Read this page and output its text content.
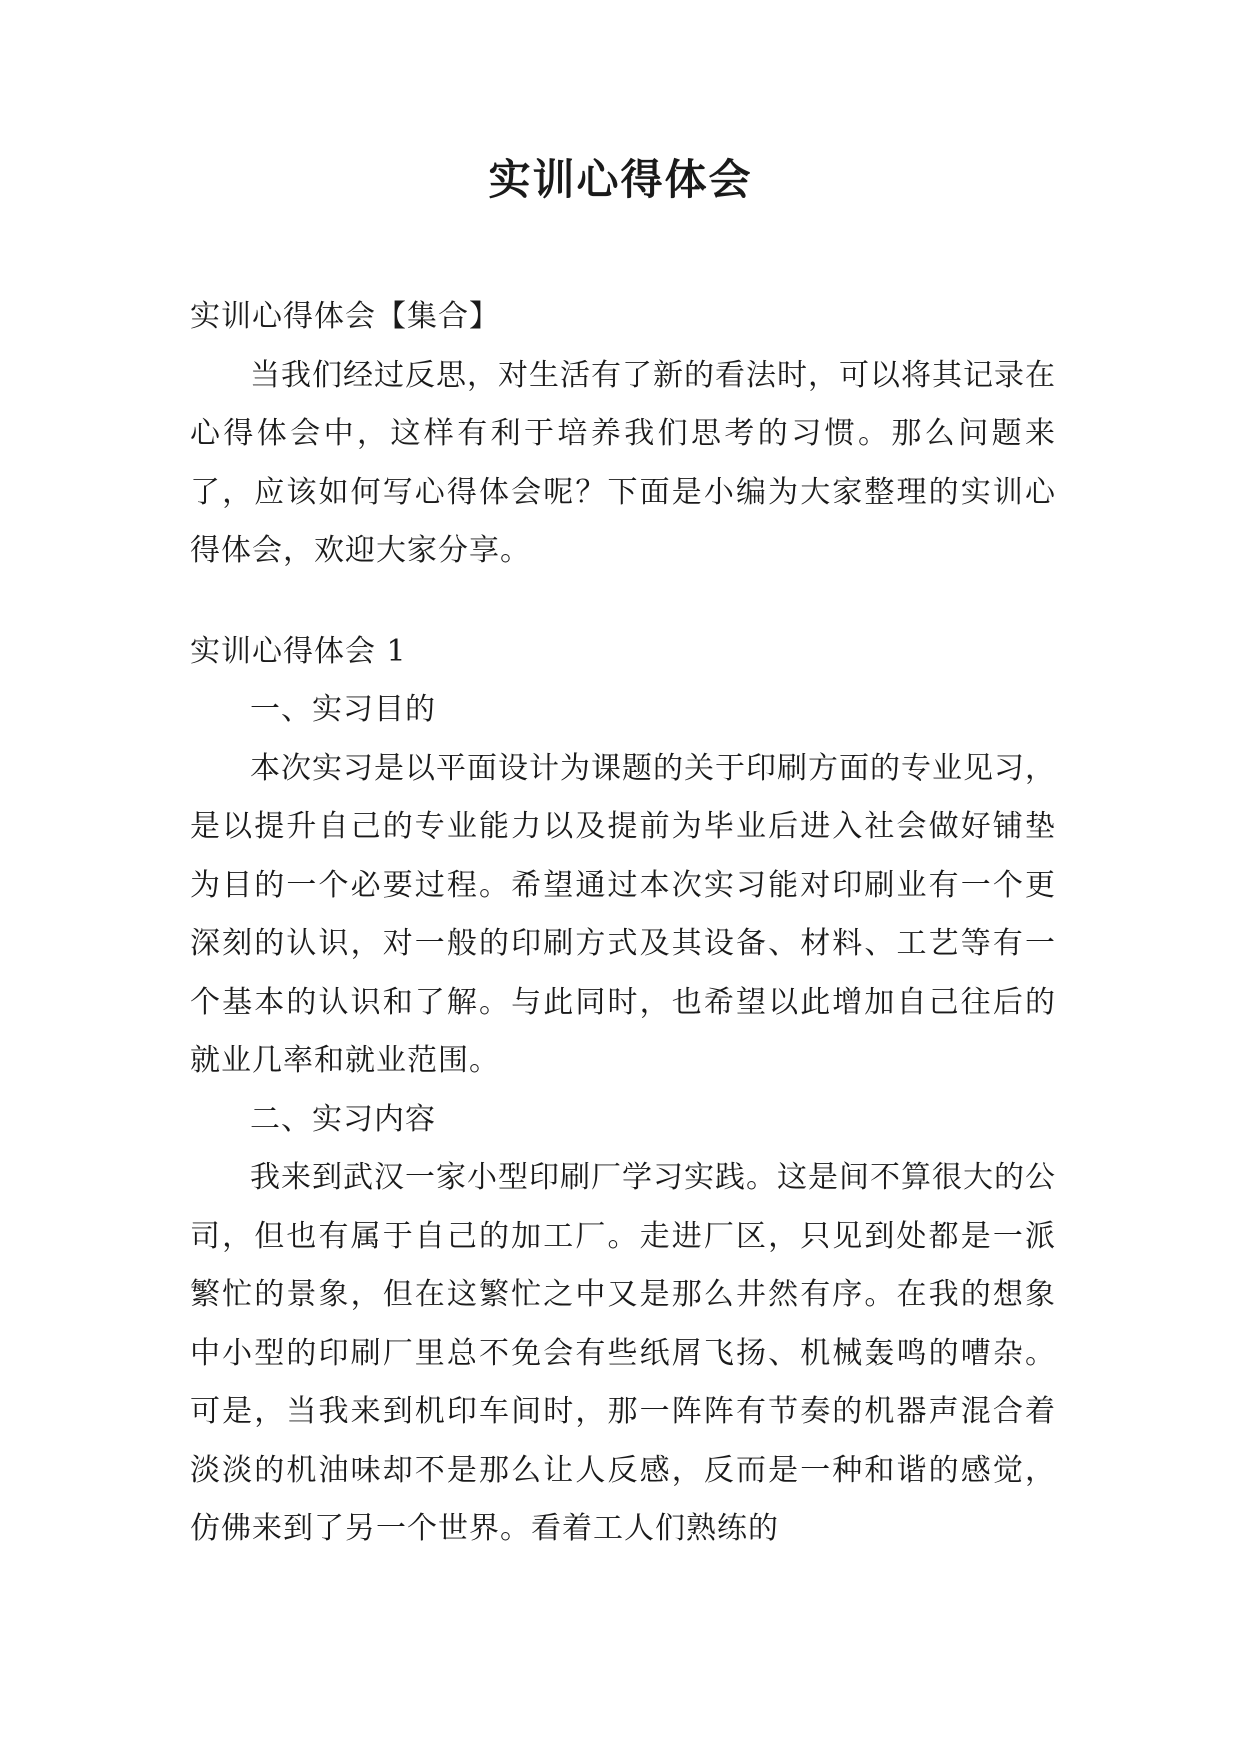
实训心得体会

实训心得体会【集合】

当我们经过反思，对生活有了新的看法时，可以将其记录在心得体会中，这样有利于培养我们思考的习惯。那么问题来了，应该如何写心得体会呢？下面是小编为大家整理的实训心得体会，欢迎大家分享。

实训心得体会 1

一、实习目的

本次实习是以平面设计为课题的关于印刷方面的专业见习，是以提升自己的专业能力以及提前为毕业后进入社会做好铺垫为目的一个必要过程。希望通过本次实习能对印刷业有一个更深刻的认识，对一般的印刷方式及其设备、材料、工艺等有一个基本的认识和了解。与此同时，也希望以此增加自己往后的就业几率和就业范围。

二、实习内容

我来到武汉一家小型印刷厂学习实践。这是间不算很大的公司，但也有属于自己的加工厂。走进厂区，只见到处都是一派繁忙的景象，但在这繁忙之中又是那么井然有序。在我的想象中小型的印刷厂里总不免会有些纸屑飞扬、机械轰鸣的嘈杂。可是，当我来到机印车间时，那一阵阵有节奏的机器声混合着淡淡的机油味却不是那么让人反感，反而是一种和谐的感觉，仿佛来到了另一个世界。看着工人们熟练的
